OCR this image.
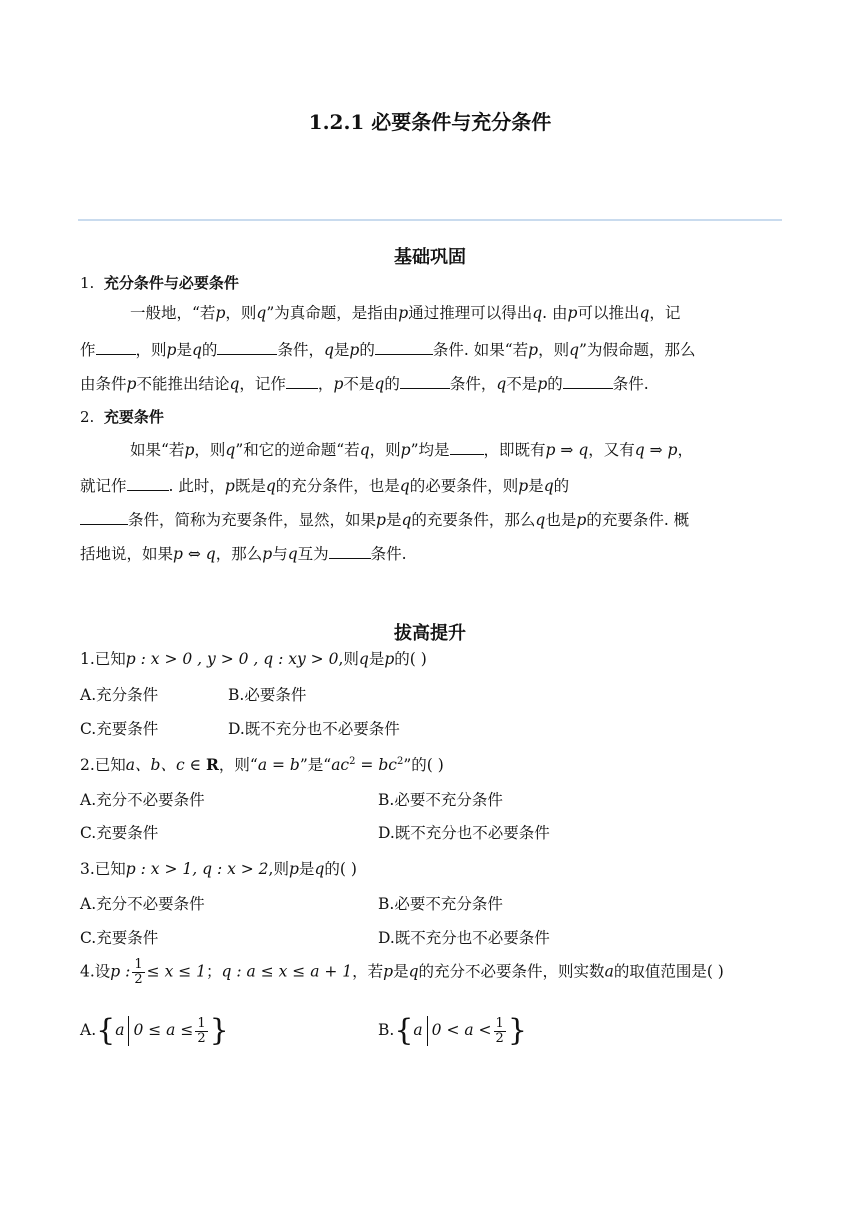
1.2.1 必要条件与充分条件
基础巩固
1. 充分条件与必要条件
一般地，“若p，则q”为真命题，是指由p通过推理可以得出q. 由p可以推出q，记
作	，则p是q的	条件，q是p的	条件. 如果“若p，则q”为假命题，那么
由条件p不能推出结论q，记作 ，p不是q的	条件，q不是p的	条件.
2. 充要条件
如果“若p，则q”和它的逆命题“若q，则p”均是 ，即既有p ⇒ q，又有q ⇒ p，
就记作	. 此时，p既是q的充分条件，也是q的必要条件，则p是q的
条件，简称为充要条件，显然，如果p是q的充要条件，那么q也是p的充要条件. 概
括地说，如果p ⇔ q，那么p与q互为	条件.
拔高提升
1.已知p : x > 0 , y > 0 , q : xy > 0,则q是p的( )
A.充分条件	B.必要条件
C.充要条件	D.既不充分也不必要条件
2.已知a、b、c ∈ R，则“a = b”是“$ac^2 = bc^2$”的( )
A.充分不必要条件	B.必要不充分条件
C.充要条件	D.既不充分也不必要条件
3.已知p : x > 1, q : x > 2,则p是q的( )
A.充分不必要条件	B.必要不充分条件
C.充要条件	D.既不充分也不必要条件
4.设p : $\frac{1}{2} \le x \le 1$；q : a ≤ x ≤ a + 1，若p是q的充分不必要条件，则实数a的取值范围是( )
A.{a $0 \le a \le \frac{1}{2}$ }	B.{a $0 < a < \frac{1}{2}$ }
